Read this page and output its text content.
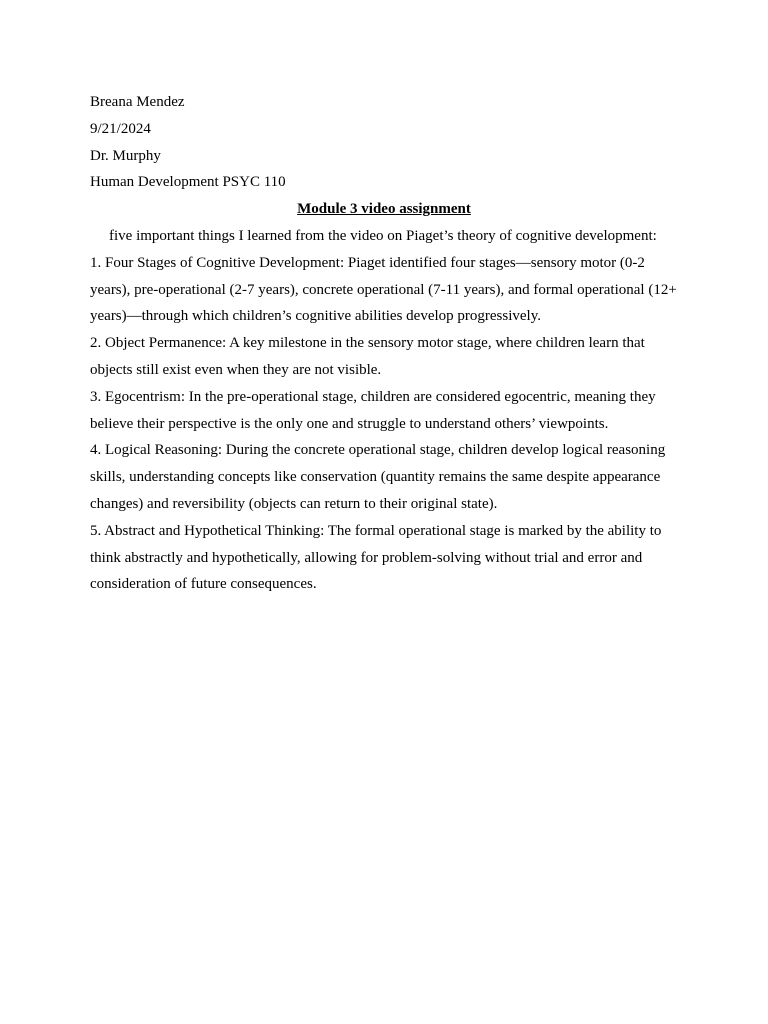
Breana Mendez

9/21/2024

Dr. Murphy

Human Development PSYC 110

Module 3 video assignment

five important things I learned from the video on Piaget’s theory of cognitive development:

1. Four Stages of Cognitive Development: Piaget identified four stages—sensory motor (0-2 years), pre-operational (2-7 years), concrete operational (7-11 years), and formal operational (12+ years)—through which children’s cognitive abilities develop progressively.

2. Object Permanence: A key milestone in the sensory motor stage, where children learn that objects still exist even when they are not visible.

3. Egocentrism: In the pre-operational stage, children are considered egocentric, meaning they believe their perspective is the only one and struggle to understand others’ viewpoints.

4. Logical Reasoning: During the concrete operational stage, children develop logical reasoning skills, understanding concepts like conservation (quantity remains the same despite appearance changes) and reversibility (objects can return to their original state).

5. Abstract and Hypothetical Thinking: The formal operational stage is marked by the ability to think abstractly and hypothetically, allowing for problem-solving without trial and error and consideration of future consequences.
